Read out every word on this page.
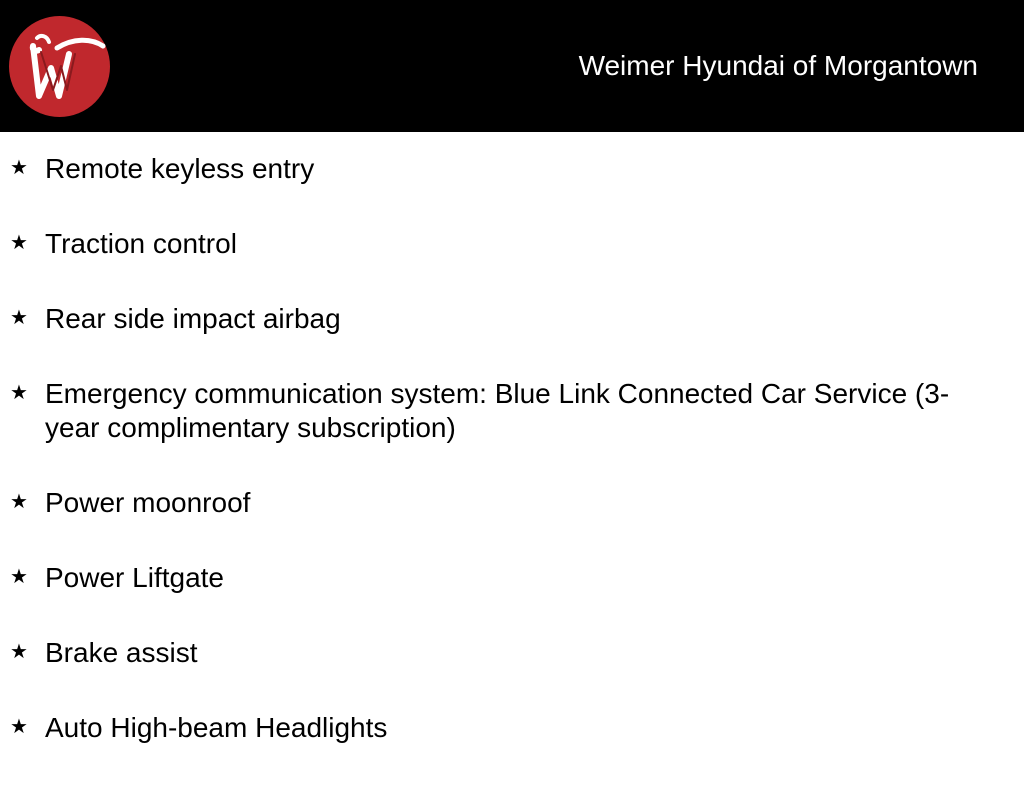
Weimer Hyundai of Morgantown
★ Remote keyless entry
★ Traction control
★ Rear side impact airbag
★ Emergency communication system: Blue Link Connected Car Service (3-year complimentary subscription)
★ Power moonroof
★ Power Liftgate
★ Brake assist
★ Auto High-beam Headlights
